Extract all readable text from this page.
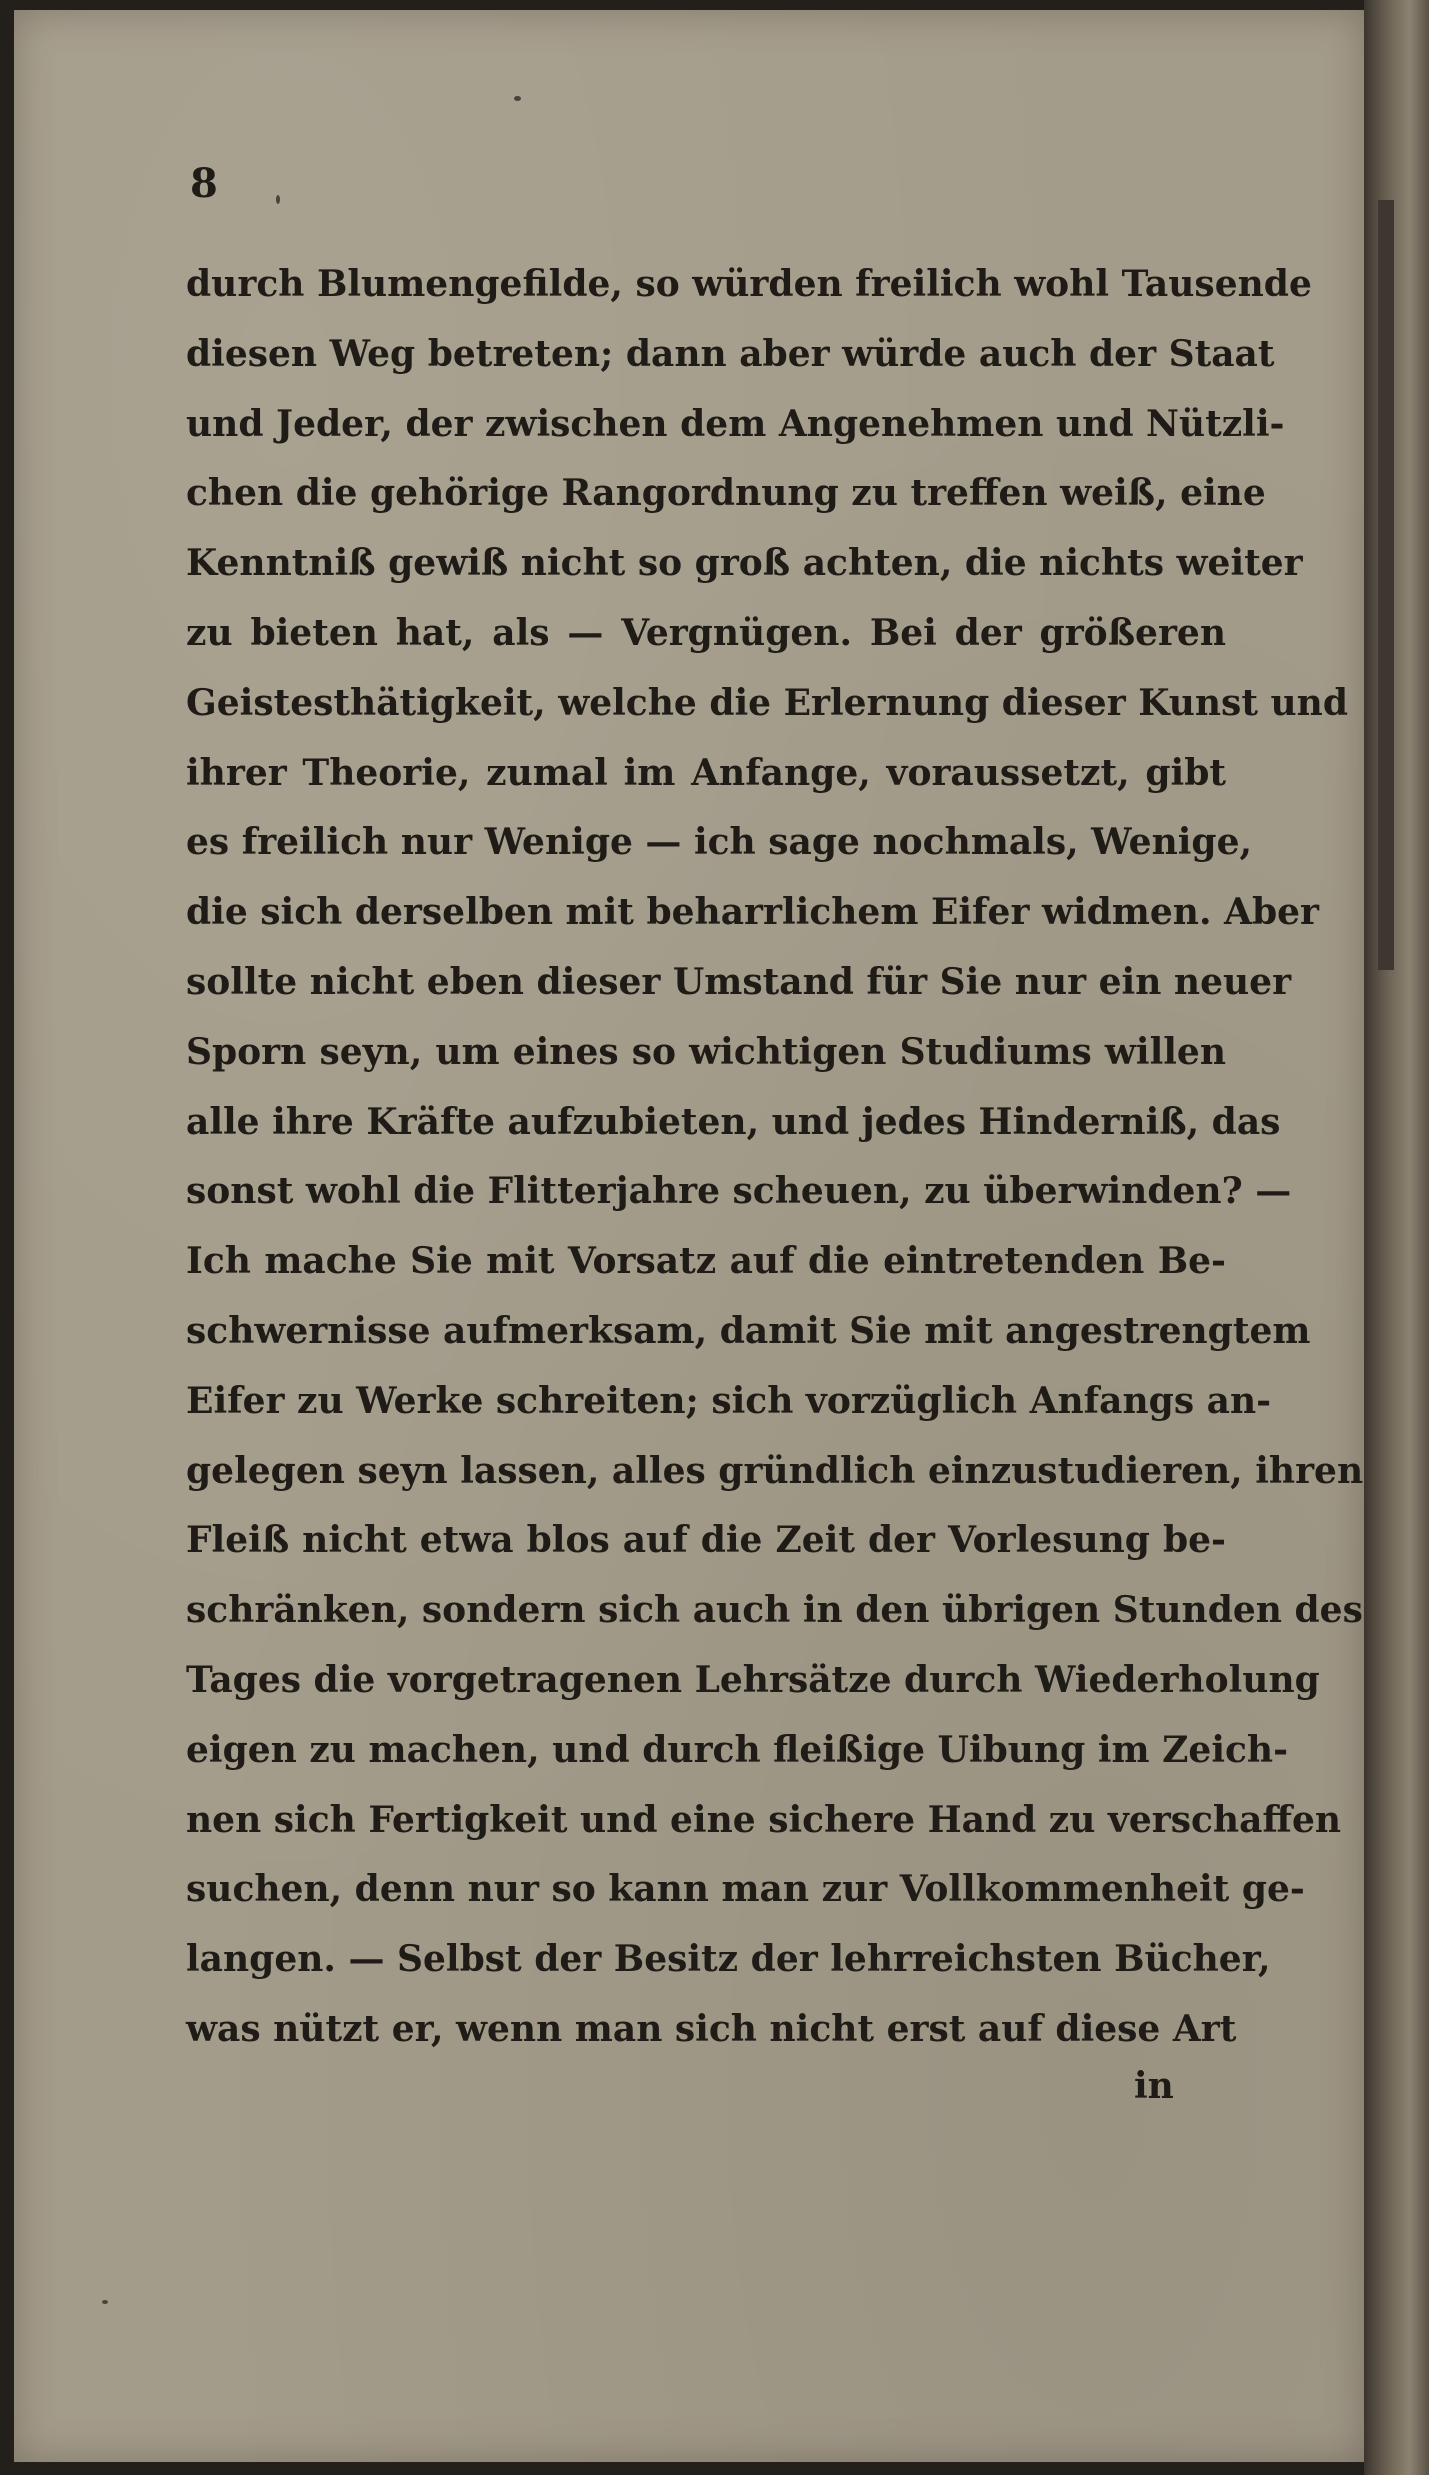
8
durch Blumengefilde, so würden freilich wohl Tausende
diesen Weg betreten; dann aber würde auch der Staat
und Jeder, der zwischen dem Angenehmen und Nützli-
chen die gehörige Rangordnung zu treffen weiß, eine
Kenntniß gewiß nicht so groß achten, die nichts weiter
zu bieten hat, als — Vergnügen. Bei der größeren
Geistesthätigkeit, welche die Erlernung dieser Kunst und
ihrer Theorie, zumal im Anfange, voraussetzt, gibt
es freilich nur Wenige — ich sage nochmals, Wenige,
die sich derselben mit beharrlichem Eifer widmen. Aber
sollte nicht eben dieser Umstand für Sie nur ein neuer
Sporn seyn, um eines so wichtigen Studiums willen
alle ihre Kräfte aufzubieten, und jedes Hinderniß, das
sonst wohl die Flitterjahre scheuen, zu überwinden? —
Ich mache Sie mit Vorsatz auf die eintretenden Be-
schwernisse aufmerksam, damit Sie mit angestrengtem
Eifer zu Werke schreiten; sich vorzüglich Anfangs an-
gelegen seyn lassen, alles gründlich einzustudieren, ihren
Fleiß nicht etwa blos auf die Zeit der Vorlesung be-
schränken, sondern sich auch in den übrigen Stunden des
Tages die vorgetragenen Lehrsätze durch Wiederholung
eigen zu machen, und durch fleißige Uibung im Zeich-
nen sich Fertigkeit und eine sichere Hand zu verschaffen
suchen, denn nur so kann man zur Vollkommenheit ge-
langen. — Selbst der Besitz der lehrreichsten Bücher,
was nützt er, wenn man sich nicht erst auf diese Art
in
